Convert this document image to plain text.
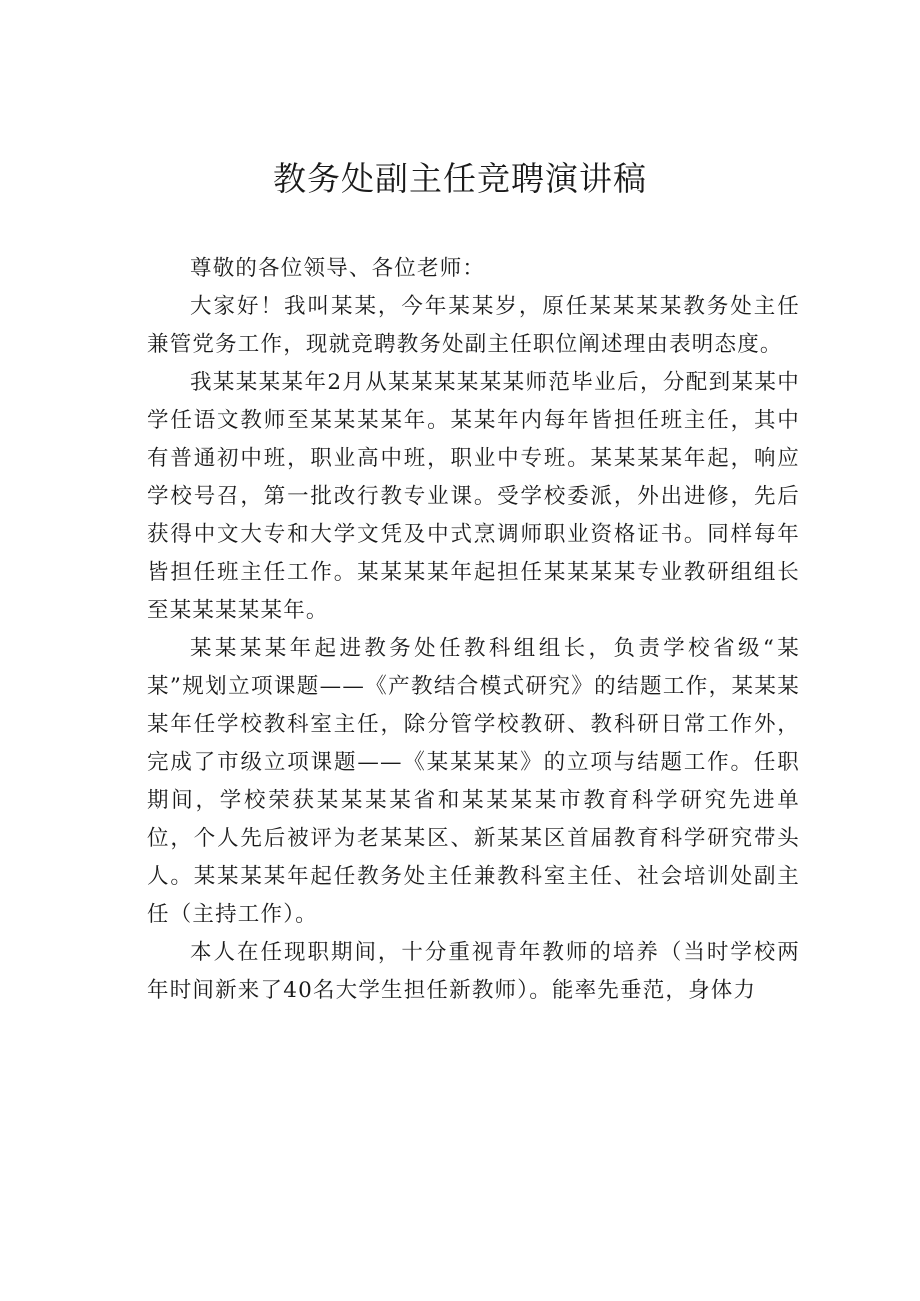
教务处副主任竞聘演讲稿

尊敬的各位领导、各位老师：

大家好！我叫某某，今年某某岁，原任某某某某教务处主任兼管党务工作，现就竞聘教务处副主任职位阐述理由表明态度。

我某某某某年2月从某某某某某某师范毕业后，分配到某某中学任语文教师至某某某某年。某某年内每年皆担任班主任，其中有普通初中班，职业高中班，职业中专班。某某某某年起，响应学校号召，第一批改行教专业课。受学校委派，外出进修，先后获得中文大专和大学文凭及中式烹调师职业资格证书。同样每年皆担任班主任工作。某某某某年起担任某某某某专业教研组组长至某某某某某年。

某某某某年起进教务处任教科组组长，负责学校省级“某某”规划立项课题——《产教结合模式研究》的结题工作，某某某某年任学校教科室主任，除分管学校教研、教科研日常工作外，完成了市级立项课题——《某某某某》的立项与结题工作。任职期间，学校荣获某某某某省和某某某某市教育科学研究先进单位，个人先后被评为老某某区、新某某区首届教育科学研究带头人。某某某某年起任教务处主任兼教科室主任、社会培训处副主任（主持工作）。

本人在任现职期间，十分重视青年教师的培养（当时学校两年时间新来了40名大学生担任新教师）。能率先垂范，身体力
